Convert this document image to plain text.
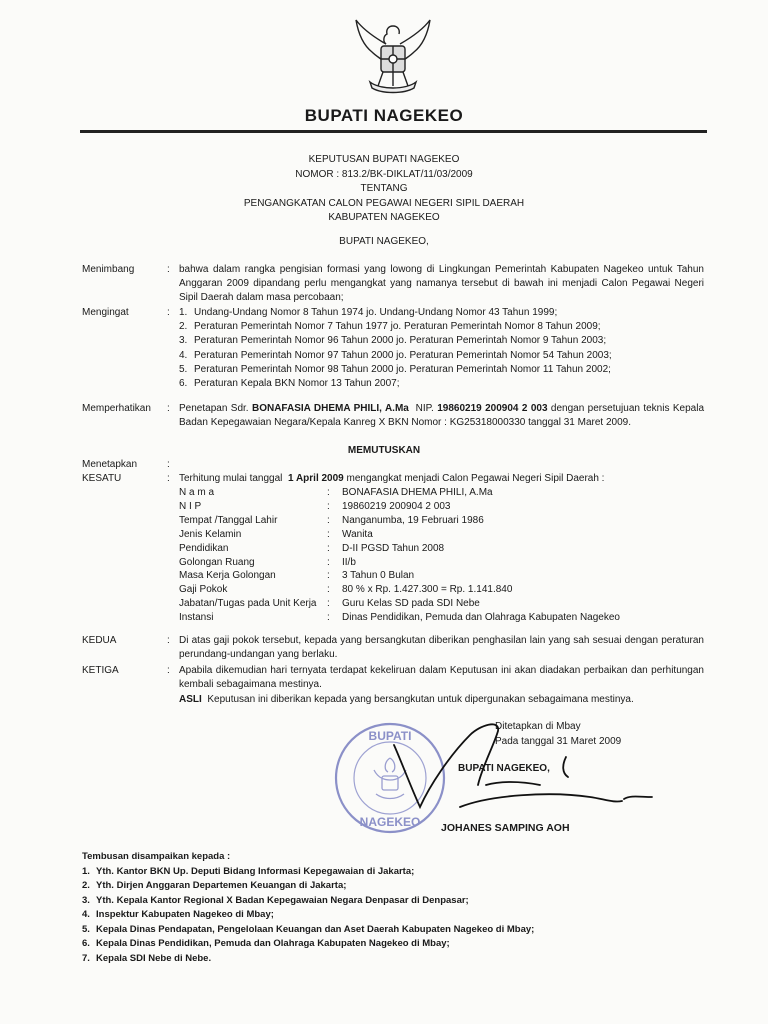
BUPATI NAGEKEO
KEPUTUSAN BUPATI NAGEKEO
NOMOR : 813.2/BK-DIKLAT/11/03/2009
TENTANG
PENGANGKATAN CALON PEGAWAI NEGERI SIPIL DAERAH
KABUPATEN NAGEKEO
BUPATI NAGEKEO,
Menimbang	: bahwa dalam rangka pengisian formasi yang lowong di Lingkungan Pemerintah Kabupaten Nagekeo untuk Tahun Anggaran 2009 dipandang perlu mengangkat yang namanya tersebut di bawah ini menjadi Calon Pegawai Negeri Sipil Daerah dalam masa percobaan;
Mengingat	: 1. Undang-Undang Nomor 8 Tahun 1974 jo. Undang-Undang Nomor 43 Tahun 1999;
2. Peraturan Pemerintah Nomor 7 Tahun 1977 jo. Peraturan Pemerintah Nomor 8 Tahun 2009;
3. Peraturan Pemerintah Nomor 96 Tahun 2000 jo. Peraturan Pemerintah Nomor 9 Tahun 2003;
4. Peraturan Pemerintah Nomor 97 Tahun 2000 jo. Peraturan Pemerintah Nomor 54 Tahun 2003;
5. Peraturan Pemerintah Nomor 98 Tahun 2000 jo. Peraturan Pemerintah Nomor 11 Tahun 2002;
6. Peraturan Kepala BKN Nomor 13 Tahun 2007;
Memperhatikan : Penetapan Sdr. BONAFASIA DHEMA PHILI, A.Ma NIP. 19860219 200904 2 003 dengan persetujuan teknis Kepala Badan Kepegawaian Negara/Kepala Kanreg X BKN Nomor : KG25318000330 tanggal 31 Maret 2009.
MEMUTUSKAN
Menetapkan	:
KESATU	: Terhitung mulai tanggal 1 April 2009 mengangkat menjadi Calon Pegawai Negeri Sipil Daerah :
N a m a	:	BONAFASIA DHEMA PHILI, A.Ma
N I P	:	19860219 200904 2 003
Tempat /Tanggal Lahir	:	Nanganumba, 19 Februari 1986
Jenis Kelamin	:	Wanita
Pendidikan	:	D-II PGSD Tahun 2008
Golongan Ruang	:	II/b
Masa Kerja Golongan	:	3 Tahun 0 Bulan
Gaji Pokok	:	80 % x Rp. 1.427.300 = Rp. 1.141.840
Jabatan/Tugas pada Unit Kerja	:	Guru Kelas SD pada SDI Nebe
Instansi	:	Dinas Pendidikan, Pemuda dan Olahraga Kabupaten Nagekeo
KEDUA	: Di atas gaji pokok tersebut, kepada yang bersangkutan diberikan penghasilan lain yang sah sesuai dengan peraturan perundang-undangan yang berlaku.
KETIGA	: Apabila dikemudian hari ternyata terdapat kekeliruan dalam Keputusan ini akan diadakan perbaikan dan perhitungan kembali sebagaimana mestinya.
ASLI Keputusan ini diberikan kepada yang bersangkutan untuk dipergunakan sebagaimana mestinya.
BUPATI
NAGEKEO
Ditetapkan di Mbay
Pada tanggal 31 Maret 2009
BUPATI NAGEKEO,
JOHANES SAMPING AOH
Tembusan disampaikan kepada :
1. Yth. Kantor BKN Up. Deputi Bidang Informasi Kepegawaian di Jakarta;
2. Yth. Dirjen Anggaran Departemen Keuangan di Jakarta;
3. Yth. Kepala Kantor Regional X Badan Kepegawaian Negara Denpasar di Denpasar;
4. Inspektur Kabupaten Nagekeo di Mbay;
5. Kepala Dinas Pendapatan, Pengelolaan Keuangan dan Aset Daerah Kabupaten Nagekeo di Mbay;
6. Kepala Dinas Pendidikan, Pemuda dan Olahraga Kabupaten Nagekeo di Mbay;
7. Kepala SDI Nebe di Nebe.
